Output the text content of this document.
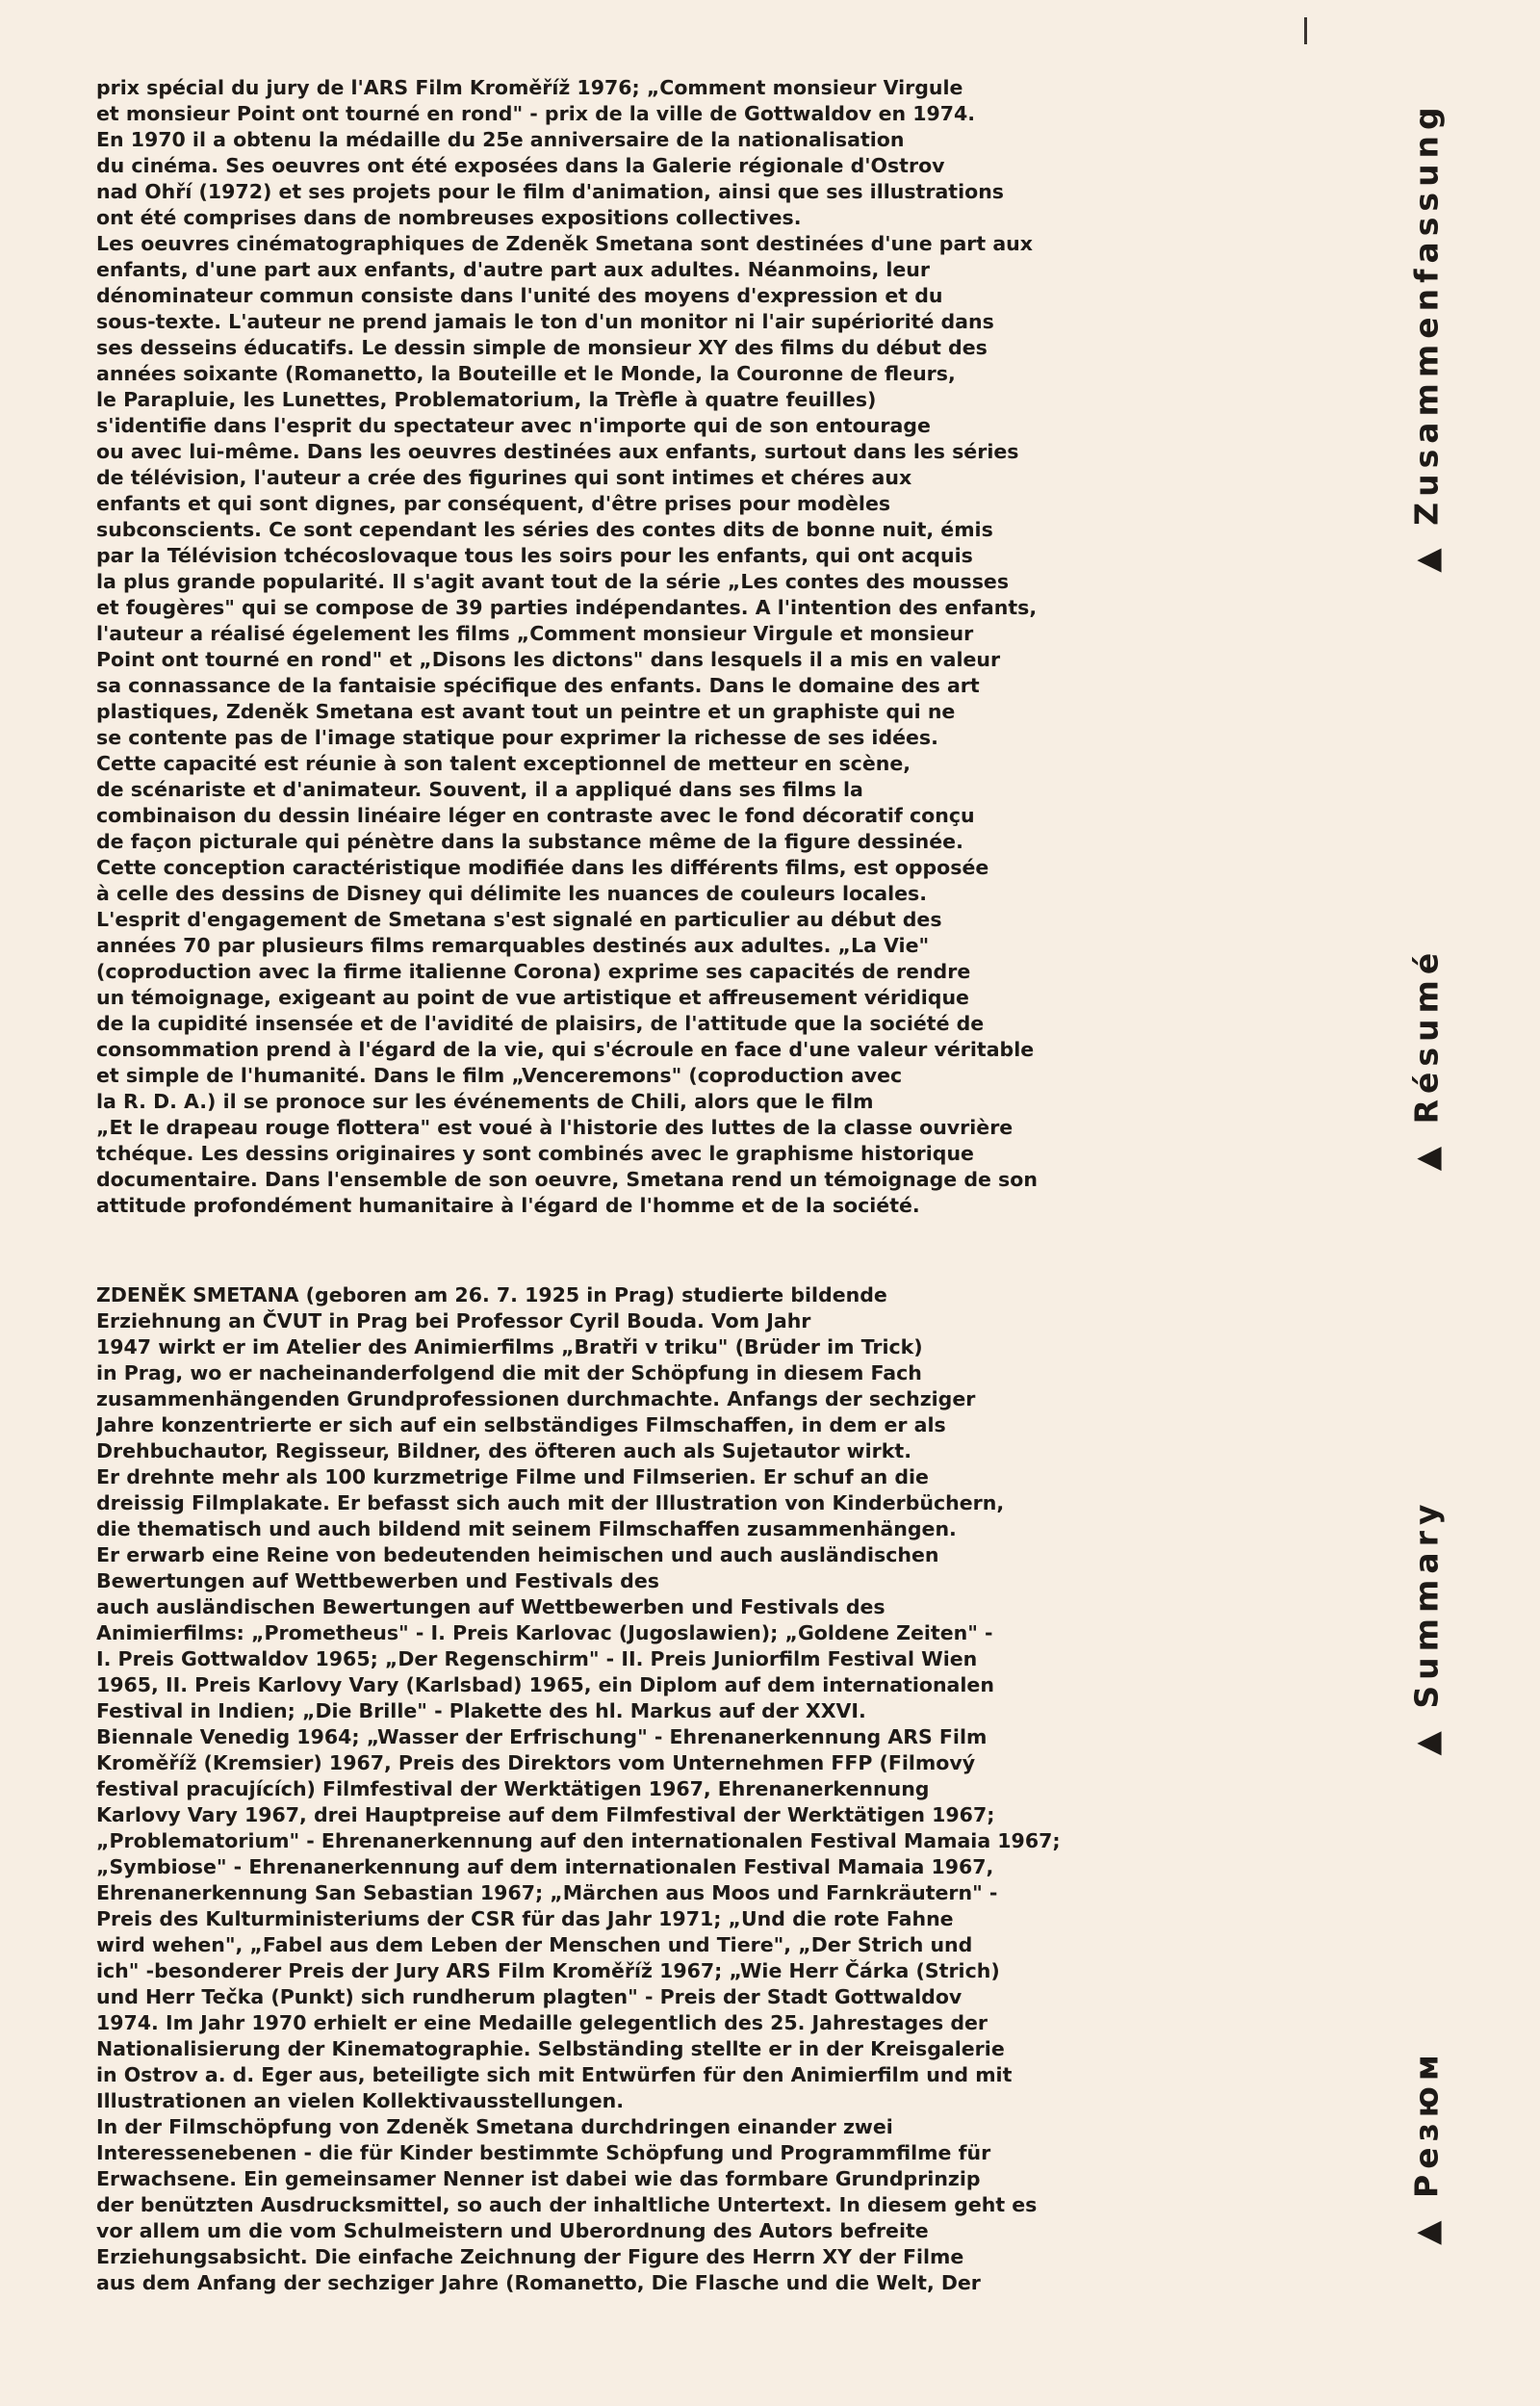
prix spécial du jury de l'ARS Film Kroměříž 1976; „Comment monsieur Virgule

et monsieur Point ont tourné en rond" - prix de la ville de Gottwaldov en 1974.

En 1970 il a obtenu la médaille du 25e anniversaire de la nationalisation

du cinéma. Ses oeuvres ont été exposées dans la Galerie régionale d'Ostrov

nad Ohří (1972) et ses projets pour le film d'animation, ainsi que ses illustrations

ont été comprises dans de nombreuses expositions collectives.

Les oeuvres cinématographiques de Zdeněk Smetana sont destinées d'une part aux

enfants, d'une part aux enfants, d'autre part aux adultes. Néanmoins, leur

dénominateur commun consiste dans l'unité des moyens d'expression et du

sous-texte. L'auteur ne prend jamais le ton d'un monitor ni l'air supériorité dans

ses desseins éducatifs. Le dessin simple de monsieur XY des films du début des

années soixante (Romanetto, la Bouteille et le Monde, la Couronne de fleurs,

le Parapluie, les Lunettes, Problematorium, la Trèfle à quatre feuilles)

s'identifie dans l'esprit du spectateur avec n'importe qui de son entourage

ou avec lui-même. Dans les oeuvres destinées aux enfants, surtout dans les séries

de télévision, l'auteur a crée des figurines qui sont intimes et chéres aux

enfants et qui sont dignes, par conséquent, d'être prises pour modèles

subconscients. Ce sont cependant les séries des contes dits de bonne nuit, émis

par la Télévision tchécoslovaque tous les soirs pour les enfants, qui ont acquis

la plus grande popularité. Il s'agit avant tout de la série „Les contes des mousses

et fougères" qui se compose de 39 parties indépendantes. A l'intention des enfants,

l'auteur a réalisé égelement les films „Comment monsieur Virgule et monsieur

Point ont tourné en rond" et „Disons les dictons" dans lesquels il a mis en valeur

sa connassance de la fantaisie spécifique des enfants. Dans le domaine des art

plastiques, Zdeněk Smetana est avant tout un peintre et un graphiste qui ne

se contente pas de l'image statique pour exprimer la richesse de ses idées.

Cette capacité est réunie à son talent exceptionnel de metteur en scène,

de scénariste et d'animateur. Souvent, il a appliqué dans ses films la

combinaison du dessin linéaire léger en contraste avec le fond décoratif conçu

de façon picturale qui pénètre dans la substance même de la figure dessinée.

Cette conception caractéristique modifiée dans les différents films, est opposée

à celle des dessins de Disney qui délimite les nuances de couleurs locales.

L'esprit d'engagement de Smetana s'est signalé en particulier au début des

années 70 par plusieurs films remarquables destinés aux adultes. „La Vie"

(coproduction avec la firme italienne Corona) exprime ses capacités de rendre

un témoignage, exigeant au point de vue artistique et affreusement véridique

de la cupidité insensée et de l'avidité de plaisirs, de l'attitude que la société de

consommation prend à l'égard de la vie, qui s'écroule en face d'une valeur véritable

et simple de l'humanité. Dans le film „Venceremons" (coproduction avec

la R. D. A.) il se pronoce sur les événements de Chili, alors que le film

„Et le drapeau rouge flottera" est voué à l'historie des luttes de la classe ouvrière

tchéque. Les dessins originaires y sont combinés avec le graphisme historique

documentaire. Dans l'ensemble de son oeuvre, Smetana rend un témoignage de son

attitude profondément humanitaire à l'égard de l'homme et de la société.

ZDENĚK SMETANA (geboren am 26. 7. 1925 in Prag) studierte bildende

Erziehnung an ČVUT in Prag bei Professor Cyril Bouda. Vom Jahr

1947 wirkt er im Atelier des Animierfilms „Bratři v triku" (Brüder im Trick)

in Prag, wo er nacheinanderfolgend die mit der Schöpfung in diesem Fach

zusammenhängenden Grundprofessionen durchmachte. Anfangs der sechziger

Jahre konzentrierte er sich auf ein selbständiges Filmschaffen, in dem er als

Drehbuchautor, Regisseur, Bildner, des öfteren auch als Sujetautor wirkt.

Er drehnte mehr als 100 kurzmetrige Filme und Filmserien. Er schuf an die

dreissig Filmplakate. Er befasst sich auch mit der Illustration von Kinderbüchern,

die thematisch und auch bildend mit seinem Filmschaffen zusammenhängen.

Er erwarb eine Reine von bedeutenden heimischen und auch ausländischen

Bewertungen auf Wettbewerben und Festivals des

auch ausländischen Bewertungen auf Wettbewerben und Festivals des

Animierfilms: „Prometheus" - I. Preis Karlovac (Jugoslawien); „Goldene Zeiten" -

I. Preis Gottwaldov 1965; „Der Regenschirm" - II. Preis Juniorfilm Festival Wien

1965, II. Preis Karlovy Vary (Karlsbad) 1965, ein Diplom auf dem internationalen

Festival in Indien; „Die Brille" - Plakette des hl. Markus auf der XXVI.

Biennale Venedig 1964; „Wasser der Erfrischung" - Ehrenanerkennung ARS Film

Kroměříž (Kremsier) 1967, Preis des Direktors vom Unternehmen FFP (Filmový

festival pracujících) Filmfestival der Werktätigen 1967, Ehrenanerkennung

Karlovy Vary 1967, drei Hauptpreise auf dem Filmfestival der Werktätigen 1967;

„Problematorium" - Ehrenanerkennung auf den internationalen Festival Mamaia 1967;

„Symbiose" - Ehrenanerkennung auf dem internationalen Festival Mamaia 1967,

Ehrenanerkennung San Sebastian 1967; „Märchen aus Moos und Farnkräutern" -

Preis des Kulturministeriums der CSR für das Jahr 1971; „Und die rote Fahne

wird wehen", „Fabel aus dem Leben der Menschen und Tiere", „Der Strich und

ich" -besonderer Preis der Jury ARS Film Kroměříž 1967; „Wie Herr Čárka (Strich)

und Herr Tečka (Punkt) sich rundherum plagten" - Preis der Stadt Gottwaldov

1974. Im Jahr 1970 erhielt er eine Medaille gelegentlich des 25. Jahrestages der

Nationalisierung der Kinematographie. Selbständing stellte er in der Kreisgalerie

in Ostrov a. d. Eger aus, beteiligte sich mit Entwürfen für den Animierfilm und mit

Illustrationen an vielen Kollektivausstellungen.

In der Filmschöpfung von Zdeněk Smetana durchdringen einander zwei

Interessenebenen - die für Kinder bestimmte Schöpfung und Programmfilme für

Erwachsene. Ein gemeinsamer Nenner ist dabei wie das formbare Grundprinzip

der benützten Ausdrucksmittel, so auch der inhaltliche Untertext. In diesem geht es

vor allem um die vom Schulmeistern und Uberordnung des Autors befreite

Erziehungsabsicht. Die einfache Zeichnung der Figure des Herrn XY der Filme

aus dem Anfang der sechziger Jahre (Romanetto, Die Flasche und die Welt, Der

▲ Zusammenfassung
▲ Résumé
▲ Summary
▲ Резюм
